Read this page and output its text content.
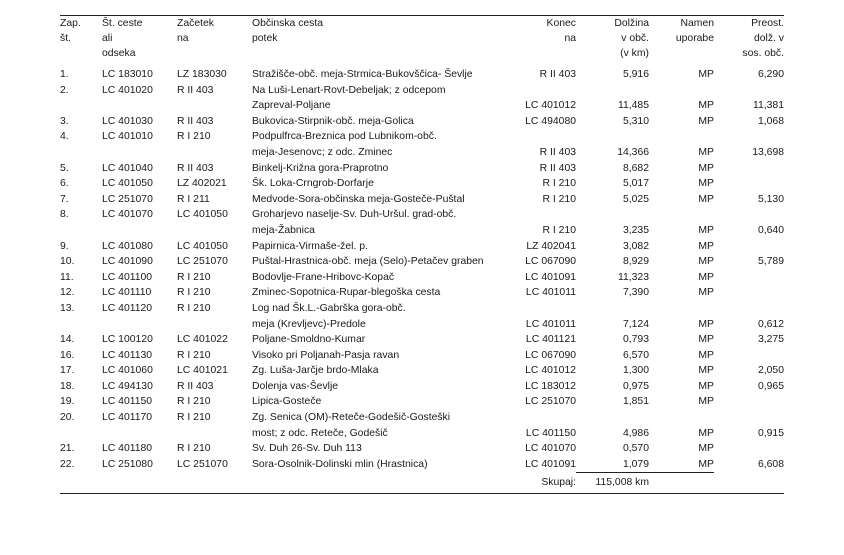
Zap.	Št. ceste	Začetek	Občinska cesta	Konec	Dolžina	Namen	Preost.
št.	ali	na	potek	na	v obč.	uporabe	dolž. v
	odseka				(v km)		sos. obč.
1.	LC 183010	LZ 183030	Stražišče-obč. meja-Strmica-Bukovščica- Ševlje	R II 403	5,916	MP	6,290
2.	LC 401020	R II 403	Na Luši-Lenart-Rovt-Debeljak; z odcepom				
			Zapreval-Poljane	LC 401012	11,485	MP	11,381
3.	LC 401030	R II 403	Bukovica-Stirpnik-obč. meja-Golica	LC 494080	5,310	MP	1,068
4.	LC 401010	R I 210	Podpulfrca-Breznica pod Lubnikom-obč.				
			meja-Jesenovc; z odc. Zminec	R II 403	14,366	MP	13,698
5.	LC 401040	R II 403	Binkelj-Križna gora-Praprotno	R II 403	8,682	MP	
6.	LC 401050	LZ 402021	Šk. Loka-Crngrob-Dorfarje	R I 210	5,017	MP	
7.	LC 251070	R I 211	Medvode-Sora-občinska meja-Gosteče-Puštal	R I 210	5,025	MP	5,130
8.	LC 401070	LC 401050	Groharjevo naselje-Sv. Duh-Uršul. grad-obč.				
			meja-Žabnica	R I 210	3,235	MP	0,640
9.	LC 401080	LC 401050	Papirnica-Virmaše-žel. p.	LZ 402041	3,082	MP	
10.	LC 401090	LC 251070	Puštal-Hrastnica-obč. meja (Selo)-Petačev graben	LC 067090	8,929	MP	5,789
11.	LC 401100	R I 210	Bodovlje-Frane-Hribovc-Kopač	LC 401091	11,323	MP	
12.	LC 401110	R I 210	Zminec-Sopotnica-Rupar-blegoška cesta	LC 401011	7,390	MP	
13.	LC 401120	R I 210	Log nad Šk.L.-Gabrška gora-obč.				
			meja (Krevljevc)-Predole	LC 401011	7,124	MP	0,612
14.	LC 100120	LC 401022	Poljane-Smoldno-Kumar	LC 401121	0,793	MP	3,275
16.	LC 401130	R I 210	Visoko pri Poljanah-Pasja ravan	LC 067090	6,570	MP	
17.	LC 401060	LC 401021	Zg. Luša-Jarčje brdo-Mlaka	LC 401012	1,300	MP	2,050
18.	LC 494130	R II 403	Dolenja vas-Ševlje	LC 183012	0,975	MP	0,965
19.	LC 401150	R I 210	Lipica-Gosteče	LC 251070	1,851	MP	
20.	LC 401170	R I 210	Zg. Senica (OM)-Reteče-Godešič-Gosteški				
			most; z odc. Reteče, Godešič	LC 401150	4,986	MP	0,915
21.	LC 401180	R I 210	Sv. Duh 26-Sv. Duh 113	LC 401070	0,570	MP	
22.	LC 251080	LC 251070	Sora-Osolnik-Dolinski mlin (Hrastnica)	LC 401091	1,079	MP	6,608

				Skupaj:	115,008 km		
